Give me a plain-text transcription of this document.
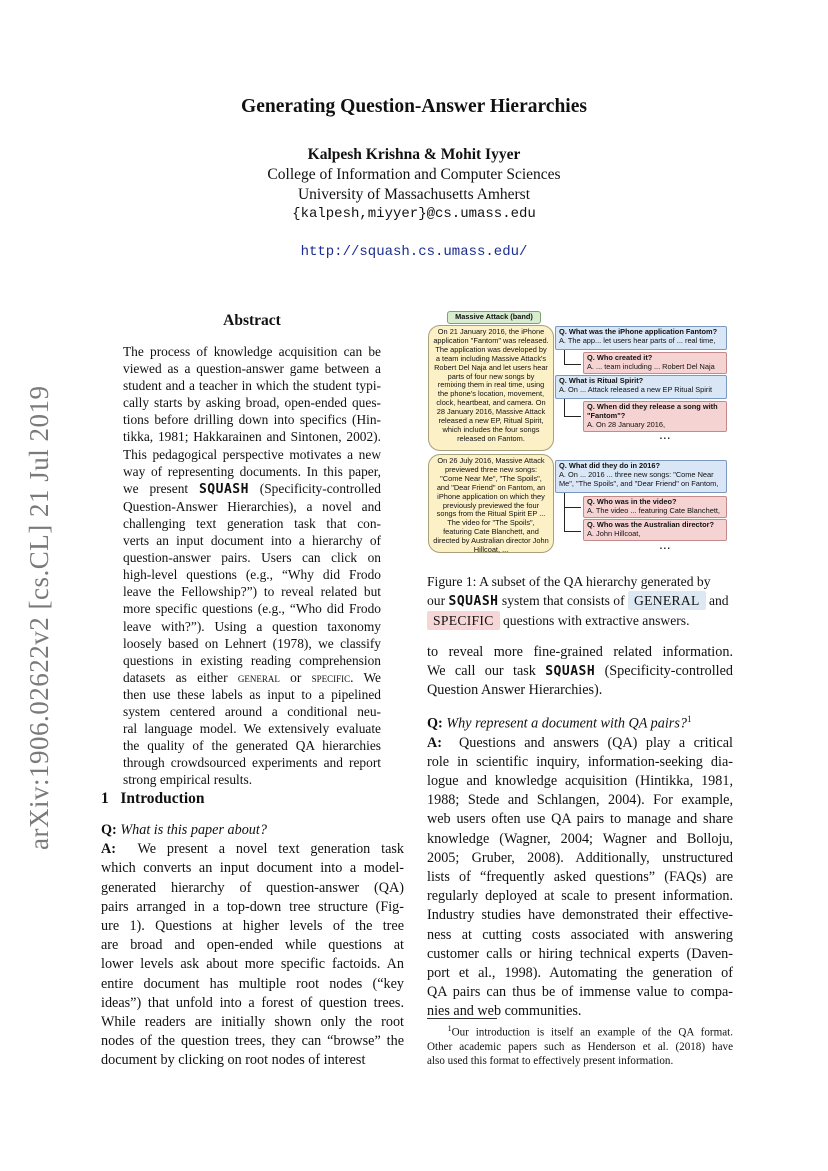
arXiv:1906.02622v2 [cs.CL] 21 Jul 2019
Generating Question-Answer Hierarchies
Kalpesh Krishna & Mohit Iyyer
College of Information and Computer Sciences
University of Massachusetts Amherst
{kalpesh,miyyer}@cs.umass.edu
http://squash.cs.umass.edu/
Abstract
The process of knowledge acquisition can be
viewed as a question-answer game between a
student and a teacher in which the student typi-
cally starts by asking broad, open-ended ques-
tions before drilling down into specifics (Hin-
tikka, 1981; Hakkarainen and Sintonen, 2002).
This pedagogical perspective motivates a new
way of representing documents. In this paper,
we present SQUASH (Specificity-controlled
Question-Answer Hierarchies), a novel and
challenging text generation task that con-
verts an input document into a hierarchy of
question-answer pairs. Users can click on
high-level questions (e.g., “Why did Frodo
leave the Fellowship?”) to reveal related but
more specific questions (e.g., “Who did Frodo
leave with?”). Using a question taxonomy
loosely based on Lehnert (1978), we classify
questions in existing reading comprehension
datasets as either general or specific. We
then use these labels as input to a pipelined
system centered around a conditional neu-
ral language model. We extensively evaluate
the quality of the generated QA hierarchies
through crowdsourced experiments and report
strong empirical results.
1 Introduction

Q: What is this paper about?

A:  We present a novel text generation task
which converts an input document into a model-
generated hierarchy of question-answer (QA)
pairs arranged in a top-down tree structure (Fig-
ure 1). Questions at higher levels of the tree
are broad and open-ended while questions at
lower levels ask about more specific factoids. An
entire document has multiple root nodes (“key
ideas”) that unfold into a forest of question trees.
While readers are initially shown only the root
nodes of the question trees, they can “browse” the
document by clicking on root nodes of interest
Massive Attack (band)
On 21 January 2016, the iPhone application "Fantom" was released. The application was developed by a team including Massive Attack's Robert Del Naja and let users hear parts of four new songs by remixing them in real time, using the phone's location, movement, clock, heartbeat, and camera. On 28 January 2016, Massive Attack released a new EP, Ritual Spirit, which includes the four songs released on Fantom.
On 26 July 2016, Massive Attack previewed three new songs: "Come Near Me", "The Spoils", and "Dear Friend" on Fantom, an iPhone application on which they previously previewed the four songs from the Ritual Spirit EP ... The video for "The Spoils", featuring Cate Blanchett, and directed by Australian director John Hillcoat, ...
Q. What was the iPhone application Fantom?
A. The app... let users hear parts of ... real time,
Q. Who created it?
A. ... team including ... Robert Del Naja
Q. What is Ritual Spirit?
A. On ... Attack released a new EP Ritual Spirit
Q. When did they release a song with "Fantom"?
A. On 28 January 2016,
...
Q. What did they do in 2016?
A. On ... 2016 ... three new songs: "Come Near Me", "The Spoils", and "Dear Friend" on Fantom,
Q. Who was in the video?
A. The video ... featuring Cate Blanchett,
Q. Who was the Australian director?
A. John Hillcoat,
...
Figure 1: A subset of the QA hierarchy generated by
our SQUASH system that consists of GENERAL and
SPECIFIC questions with extractive answers.
to reveal more fine-grained related information.
We call our task SQUASH (Specificity-controlled
Question Answer Hierarchies).

Q: Why represent a document with QA pairs?$^1$

A:  Questions and answers (QA) play a critical
role in scientific inquiry, information-seeking dia-
logue and knowledge acquisition (Hintikka, 1981,
1988; Stede and Schlangen, 2004). For example,
web users often use QA pairs to manage and share
knowledge (Wagner, 2004; Wagner and Bolloju,
2005; Gruber, 2008). Additionally, unstructured
lists of “frequently asked questions” (FAQs) are
regularly deployed at scale to present information.
Industry studies have demonstrated their effective-
ness at cutting costs associated with answering
customer calls or hiring technical experts (Daven-
port et al., 1998). Automating the generation of
QA pairs can thus be of immense value to compa-
nies and web communities.
$^1$Our introduction is itself an example of the QA format.
Other academic papers such as Henderson et al. (2018) have
also used this format to effectively present information.
